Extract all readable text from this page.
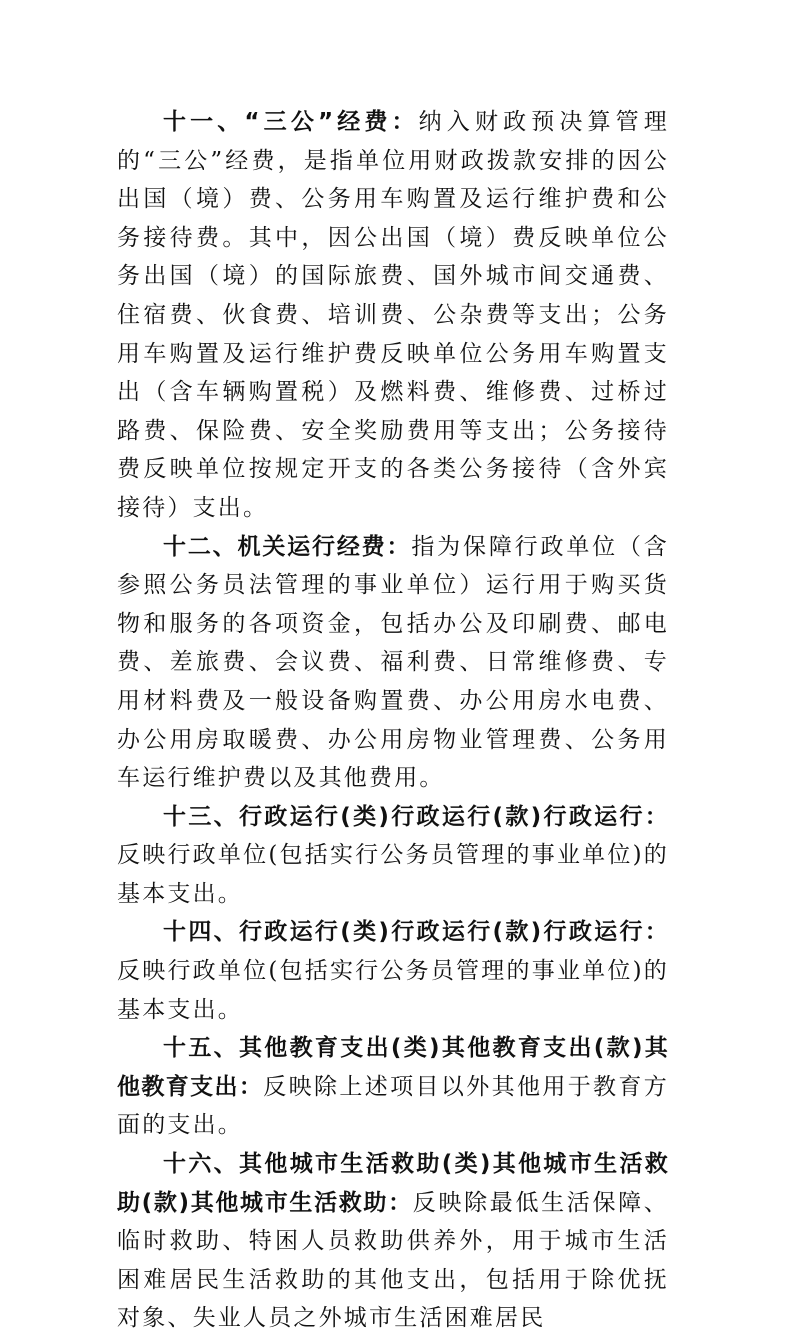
十一、“三公”经费：纳入财政预决算管理的“三公”经费，是指单位用财政拨款安排的因公出国（境）费、公务用车购置及运行维护费和公务接待费。其中，因公出国（境）费反映单位公务出国（境）的国际旅费、国外城市间交通费、住宿费、伙食费、培训费、公杂费等支出；公务用车购置及运行维护费反映单位公务用车购置支出（含车辆购置税）及燃料费、维修费、过桥过路费、保险费、安全奖励费用等支出；公务接待费反映单位按规定开支的各类公务接待（含外宾接待）支出。

十二、机关运行经费：指为保障行政单位（含参照公务员法管理的事业单位）运行用于购买货物和服务的各项资金，包括办公及印刷费、邮电费、差旅费、会议费、福利费、日常维修费、专用材料费及一般设备购置费、办公用房水电费、办公用房取暖费、办公用房物业管理费、公务用车运行维护费以及其他费用。

十三、行政运行(类)行政运行(款)行政运行：反映行政单位(包括实行公务员管理的事业单位)的基本支出。

十四、行政运行(类)行政运行(款)行政运行：反映行政单位(包括实行公务员管理的事业单位)的基本支出。

十五、其他教育支出(类)其他教育支出(款)其他教育支出：反映除上述项目以外其他用于教育方面的支出。

十六、其他城市生活救助(类)其他城市生活救助(款)其他城市生活救助：反映除最低生活保障、临时救助、特困人员救助供养外，用于城市生活困难居民生活救助的其他支出，包括用于除优抚对象、失业人员之外城市生活困难居民
